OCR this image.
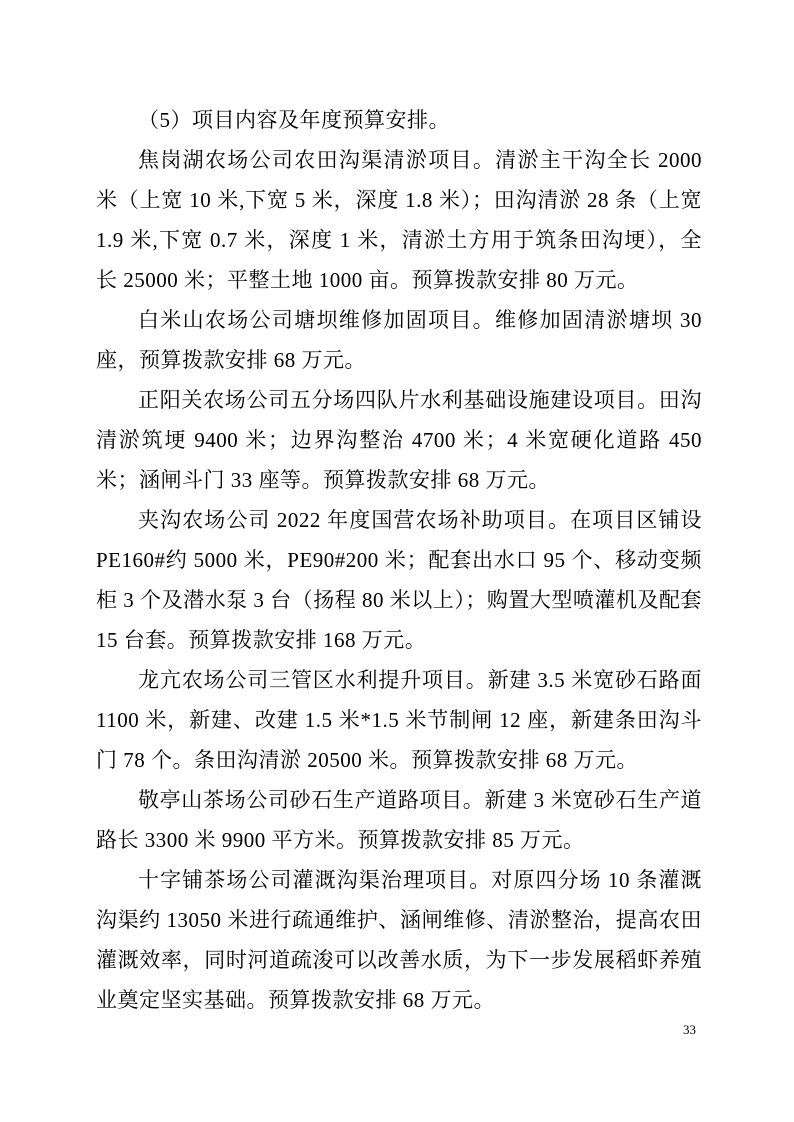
（5）项目内容及年度预算安排。

焦岗湖农场公司农田沟渠清淤项目。清淤主干沟全长 2000 米（上宽 10 米,下宽 5 米，深度 1.8 米）；田沟清淤 28 条（上宽 1.9 米,下宽 0.7 米，深度 1 米，清淤土方用于筑条田沟埂），全长 25000 米；平整土地 1000 亩。预算拨款安排 80 万元。

白米山农场公司塘坝维修加固项目。维修加固清淤塘坝 30 座，预算拨款安排 68 万元。

正阳关农场公司五分场四队片水利基础设施建设项目。田沟清淤筑埂 9400 米；边界沟整治 4700 米；4 米宽硬化道路 450 米；涵闸斗门 33 座等。预算拨款安排 68 万元。

夹沟农场公司 2022 年度国营农场补助项目。在项目区铺设 PE160#约 5000 米，PE90#200 米；配套出水口 95 个、移动变频柜 3 个及潜水泵 3 台（扬程 80 米以上）；购置大型喷灌机及配套 15 台套。预算拨款安排 168 万元。

龙亢农场公司三管区水利提升项目。新建 3.5 米宽砂石路面 1100 米，新建、改建 1.5 米*1.5 米节制闸 12 座，新建条田沟斗门 78 个。条田沟清淤 20500 米。预算拨款安排 68 万元。

敬亭山茶场公司砂石生产道路项目。新建 3 米宽砂石生产道路长 3300 米 9900 平方米。预算拨款安排 85 万元。

十字铺茶场公司灌溉沟渠治理项目。对原四分场 10 条灌溉沟渠约 13050 米进行疏通维护、涵闸维修、清淤整治，提高农田灌溉效率，同时河道疏浚可以改善水质，为下一步发展稻虾养殖业奠定坚实基础。预算拨款安排 68 万元。

33
